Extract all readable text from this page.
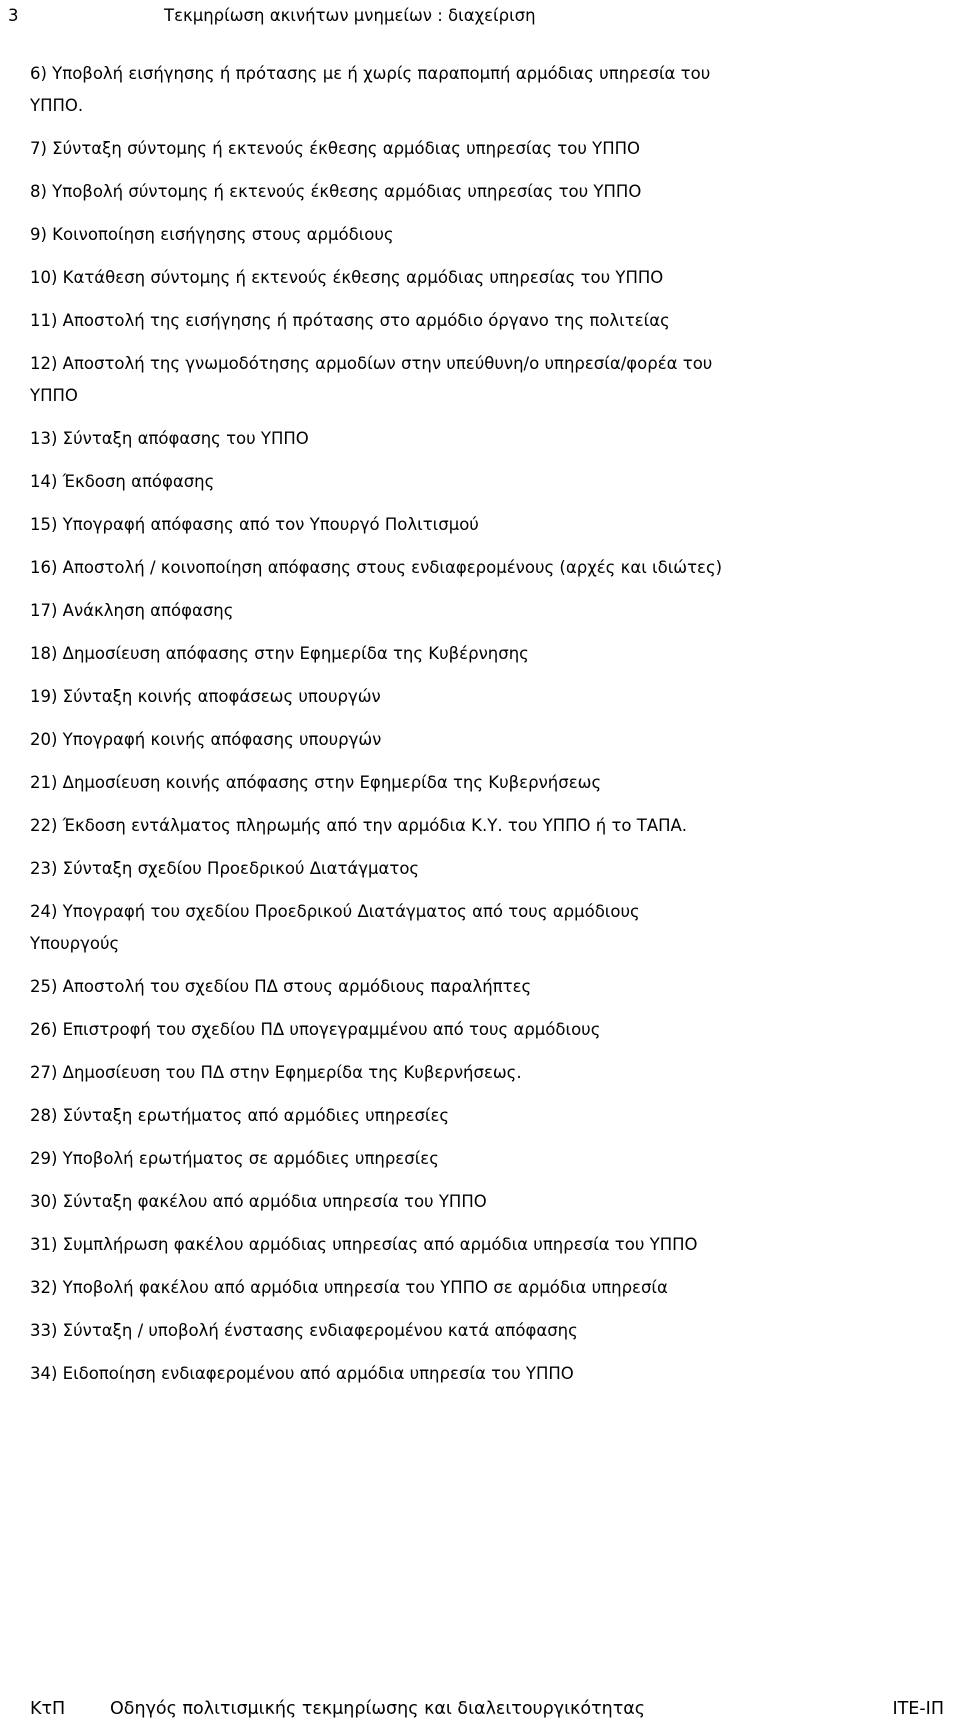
3	Τεκμηρίωση ακινήτων μνημείων : διαχείριση
6) Υποβολή εισήγησης ή πρότασης με ή χωρίς παραπομπή αρμόδιας υπηρεσία του
ΥΠΠΟ.
7) Σύνταξη σύντομης ή εκτενούς έκθεσης αρμόδιας υπηρεσίας του ΥΠΠΟ
8) Υποβολή σύντομης ή εκτενούς έκθεσης αρμόδιας υπηρεσίας του ΥΠΠΟ
9) Κοινοποίηση εισήγησης στους αρμόδιους
10) Κατάθεση σύντομης ή εκτενούς έκθεσης αρμόδιας υπηρεσίας του ΥΠΠΟ
11) Αποστολή της εισήγησης ή πρότασης στο αρμόδιο όργανο της πολιτείας
12) Αποστολή της γνωμοδότησης αρμοδίων στην υπεύθυνη/ο υπηρεσία/φορέα του
ΥΠΠΟ
13) Σύνταξη απόφασης του ΥΠΠΟ
14) Έκδοση απόφασης
15) Υπογραφή απόφασης από τον Υπουργό Πολιτισμού
16) Αποστολή / κοινοποίηση απόφασης στους ενδιαφερομένους (αρχές και ιδιώτες)
17) Ανάκληση απόφασης
18) Δημοσίευση απόφασης στην Εφημερίδα της Κυβέρνησης
19) Σύνταξη κοινής αποφάσεως υπουργών
20) Υπογραφή κοινής απόφασης υπουργών
21) Δημοσίευση κοινής απόφασης στην Εφημερίδα της Κυβερνήσεως
22) Έκδοση εντάλματος πληρωμής από την αρμόδια Κ.Υ. του ΥΠΠΟ ή το ΤΑΠΑ.
23) Σύνταξη σχεδίου Προεδρικού Διατάγματος
24) Υπογραφή του σχεδίου Προεδρικού Διατάγματος από τους αρμόδιους
Υπουργούς
25) Αποστολή του σχεδίου ΠΔ στους αρμόδιους παραλήπτες
26) Επιστροφή του σχεδίου ΠΔ υπογεγραμμένου από τους αρμόδιους
27) Δημοσίευση του ΠΔ στην Εφημερίδα της Κυβερνήσεως.
28) Σύνταξη ερωτήματος από αρμόδιες υπηρεσίες
29) Υποβολή ερωτήματος σε αρμόδιες υπηρεσίες
30) Σύνταξη φακέλου από αρμόδια υπηρεσία του ΥΠΠΟ
31) Συμπλήρωση φακέλου αρμόδιας υπηρεσίας από αρμόδια υπηρεσία του ΥΠΠΟ
32) Υποβολή φακέλου από αρμόδια υπηρεσία του ΥΠΠΟ σε αρμόδια υπηρεσία
33) Σύνταξη / υποβολή ένστασης ενδιαφερομένου κατά απόφασης
34) Ειδοποίηση ενδιαφερομένου από αρμόδια υπηρεσία του ΥΠΠΟ
ΚτΠ	Οδηγός πολιτισμικής τεκμηρίωσης και διαλειτουργικότητας	ΙΤΕ-ΙΠ
